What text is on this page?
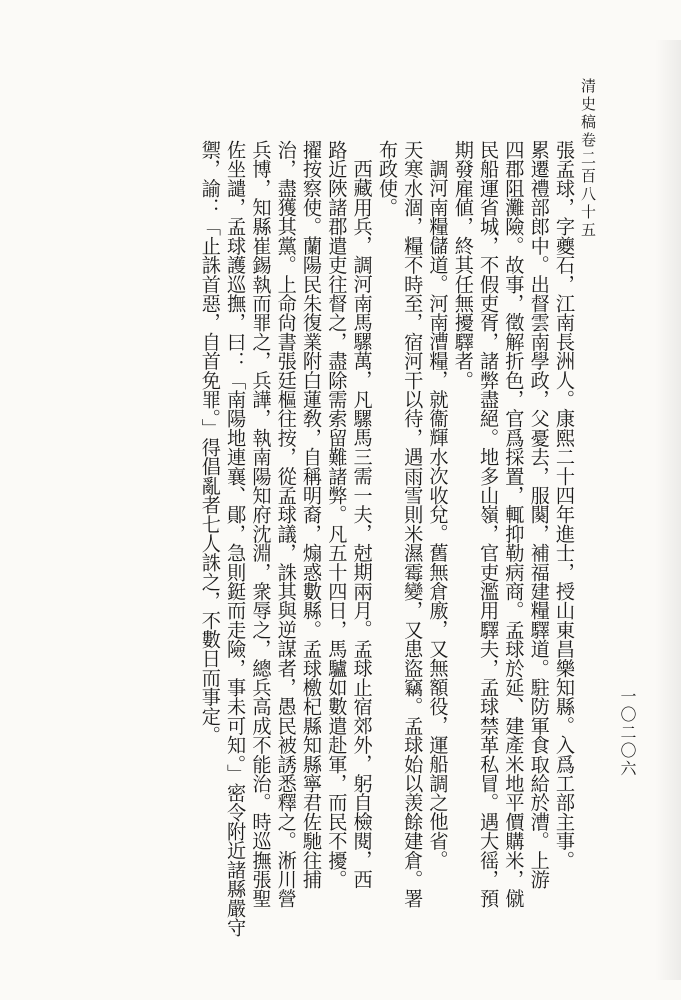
清史稿卷二百八十五
一〇二〇六
張孟球，字夔石，江南長洲人。康熙二十四年進士，授山東昌樂知縣。入爲工部主事。
累遷禮部郎中。出督雲南學政，父憂去，服闋，補福建糧驛道。駐防軍食取給於漕。上游
四郡阻灘險。故事，徵解折色，官爲採置，輒抑勒病商。孟球於延、建產米地平價購米，僦
民船運省城，不假吏胥，諸弊盡絕。地多山嶺，官吏濫用驛夫，孟球禁革私冒。遇大徭，預
期發雇値，終其任無擾驛者。
調河南糧儲道。河南漕糧，就衞輝水次收兌。舊無倉廒，又無額役，運船調之他省。
天寒水涸，糧不時至，宿河干以待，遇雨雪則米濕霉變，又患盜竊。孟球始以羡餘建倉。署
布政使。
西藏用兵，調河南馬騾萬，凡騾馬三需一夫，尅期兩月。孟球止宿郊外，躬自檢閱，西
路近陜諸郡遣吏往督之，盡除需索留難諸弊。凡五十四日，馬驢如數遣赴軍，而民不擾。
擢按察使。蘭陽民朱復業附白蓮敎，自稱明裔，煽惑數縣。孟球檄杞縣知縣寧君佐馳往捕
治，盡獲其黨。上命尙書張廷樞往按，從孟球議，誅其與逆謀者，愚民被誘悉釋之。淅川營
兵博，知縣崔錫執而罪之，兵譁，執南陽知府沈淵，衆辱之，總兵高成不能治。時巡撫張聖
佐坐譴，孟球護巡撫，曰：「南陽地連襄、鄖，急則鋌而走險，事未可知。」密令附近諸縣嚴守
禦，諭：「止誅首惡，自首免罪。」得倡亂者七人誅之，不數日而事定。
